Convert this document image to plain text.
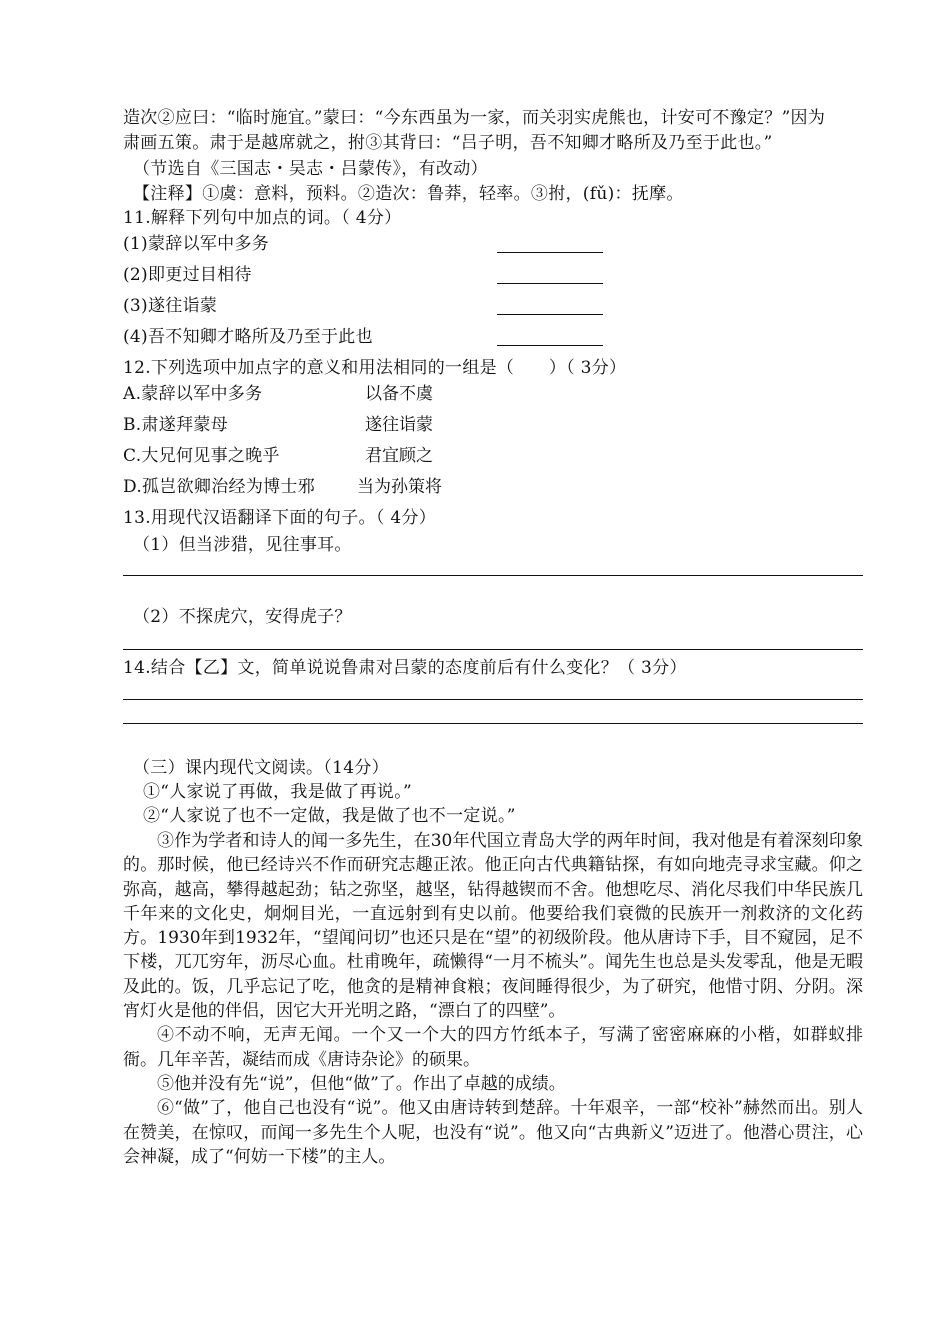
造次②应曰：“临时施宜。”蒙曰：“今东西虽为一家，而关羽实虎熊也，计安可不豫定？”因为
肃画五策。肃于是越席就之，拊③其背曰：“吕子明，吾不知卿才略所及乃至于此也。”
（节选自《三国志・吴志・吕蒙传》，有改动）
【注释】①虞：意料，预料。②造次：鲁莽，轻率。③拊，(fǔ)：抚摩。
11.解释下列句中加点的词。（ 4分）
(1)蒙辞以军中多务
(2)即更过目相待
(3)遂往诣蒙
(4)吾不知卿才略所及乃至于此也
12.下列选项中加点字的意义和用法相同的一组是（　　）（ 3分）
A.蒙辞以军中多务	以备不虞
B.肃遂拜蒙母	遂往诣蒙
C.大兄何见事之晚乎	君宜顾之
D.孤岂欲卿治经为博士邪 当为孙策将
13.用现代汉语翻译下面的句子。（ 4分）
（1）但当涉猎，见往事耳。
（2）不探虎穴，安得虎子？
14.结合【乙】文，简单说说鲁肃对吕蒙的态度前后有什么变化？（ 3分）
（三）课内现代文阅读。（14分）
①“人家说了再做，我是做了再说。”
②“人家说了也不一定做，我是做了也不一定说。”
③作为学者和诗人的闻一多先生，在30年代国立青岛大学的两年时间，我对他是有着深刻印象的。那时候，他已经诗兴不作而研究志趣正浓。他正向古代典籍钻探，有如向地壳寻求宝藏。仰之弥高，越高，攀得越起劲；钻之弥坚，越坚，钻得越锲而不舍。他想吃尽、消化尽我们中华民族几千年来的文化史，炯炯目光，一直远射到有史以前。他要给我们衰微的民族开一剂救济的文化药方。1930年到1932年，“望闻问切”也还只是在“望”的初级阶段。他从唐诗下手，目不窥园，足不下楼，兀兀穷年，沥尽心血。杜甫晚年，疏懒得“一月不梳头”。闻先生也总是头发零乱，他是无暇及此的。饭，几乎忘记了吃，他贪的是精神食粮；夜间睡得很少，为了研究，他惜寸阴、分阴。深宵灯火是他的伴侣，因它大开光明之路，“漂白了的四壁”。
④不动不响，无声无闻。一个又一个大的四方竹纸本子，写满了密密麻麻的小楷，如群蚁排衙。几年辛苦，凝结而成《唐诗杂论》的硕果。
⑤他并没有先“说”，但他“做”了。作出了卓越的成绩。
⑥“做”了，他自己也没有“说”。他又由唐诗转到楚辞。十年艰辛，一部“校补”赫然而出。别人在赞美，在惊叹，而闻一多先生个人呢，也没有“说”。他又向“古典新义”迈进了。他潜心贯注，心会神凝，成了“何妨一下楼”的主人。
